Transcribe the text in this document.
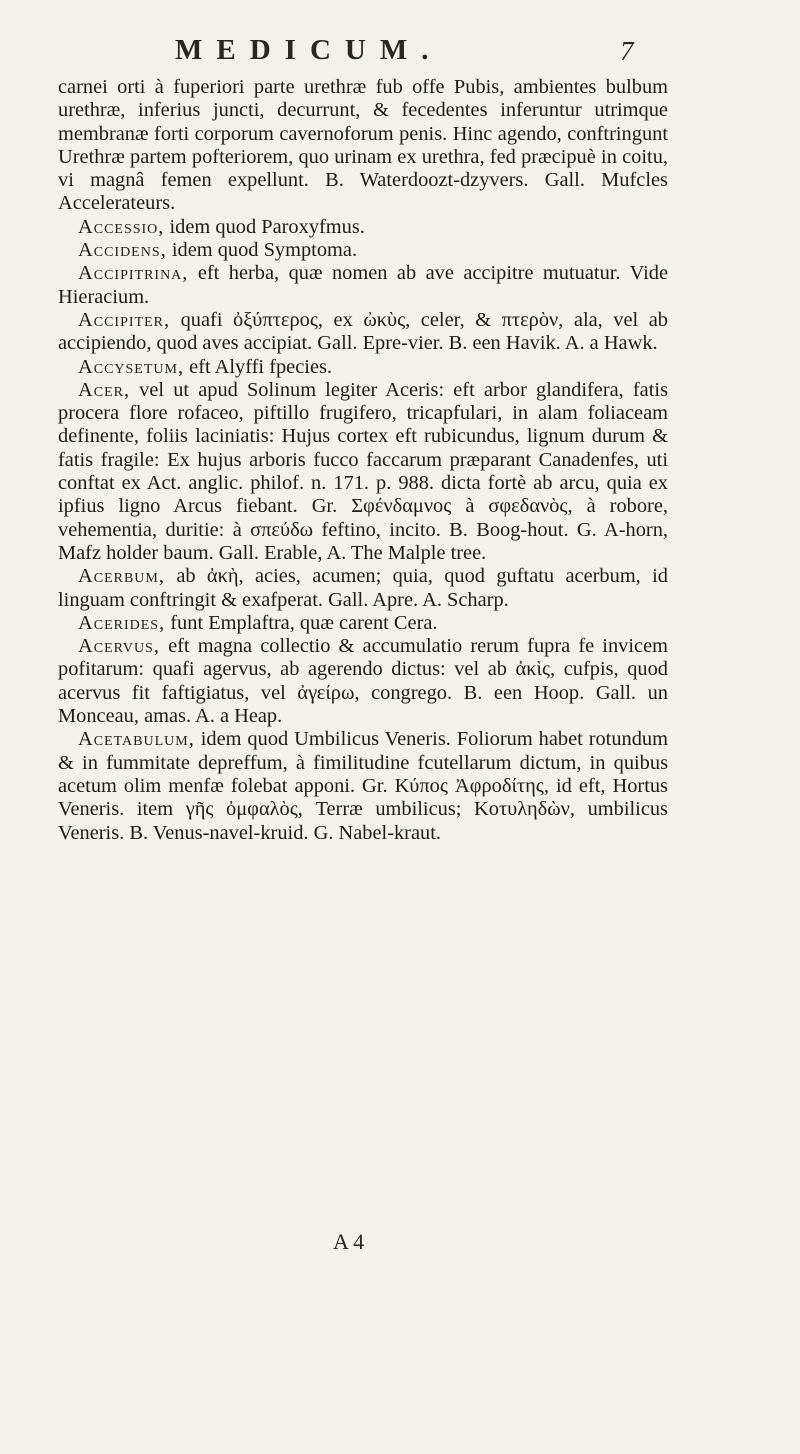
MEDICUM.	7

carnei orti à fuperiori parte urethræ fub offe Pubis, ambientes bulbum urethræ, inferius juncti, decurrunt, & fecedentes inferuntur utrimque membranæ forti corporum cavernoforum penis. Hinc agendo, conftringunt Urethræ partem pofteriorem, quo urinam ex urethra, fed præcipuè in coitu, vi magnâ femen expellunt. B. Waterdoozt-dzyvers. Gall. Mufcles Accelerateurs.

Accessio, idem quod Paroxyfmus.

Accidens, idem quod Symptoma.

Accipitrina, eft herba, quæ nomen ab ave accipitre mutuatur. Vide Hieracium.

Accipiter, quafi ὀξύπτερος, ex ὠκὺς, celer, & πτερὸν, ala, vel ab accipiendo, quod aves accipiat. Gall. Epre-vier. B. een Havik. A. a Hawk.

Accysetum, eft Alyffi fpecies.

Acer, vel ut apud Solinum legiter Aceris: eft arbor glandifera, fatis procera flore rofaceo, piftillo frugifero, tricapfulari, in alam foliaceam definente, foliis laciniatis: Hujus cortex eft rubicundus, lignum durum & fatis fragile: Ex hujus arboris fucco faccarum præparant Canadenfes, uti conftat ex Act. anglic. philof. n. 171. p. 988. dicta fortè ab arcu, quia ex ipfius ligno Arcus fiebant. Gr. Σφένδαμνος à σφεδανὸς, à robore, vehementia, duritie: à σπεύδω feftino, incito. B. Boog-hout. G. A-horn, Mafz holder baum. Gall. Erable, A. The Malple tree.

Acerbum, ab ἀκὴ, acies, acumen; quia, quod guftatu acerbum, id linguam conftringit & exafperat. Gall. Apre. A. Scharp.

Acerides, funt Emplaftra, quæ carent Cera.

Acervus, eft magna collectio & accumulatio rerum fupra fe invicem pofitarum: quafi agervus, ab agerendo dictus: vel ab ἀκὶς, cufpis, quod acervus fit faftigiatus, vel ἀγείρω, congrego. B. een Hoop. Gall. un Monceau, amas. A. a Heap.

Acetabulum, idem quod Umbilicus Veneris. Foliorum habet rotundum & in fummitate depreffum, à fimilitudine fcutellarum dictum, in quibus acetum olim menfæ folebat apponi. Gr. Κύπος Ἀφροδίτης, id eft, Hortus Veneris. item γῆς ὀμφαλὸς, Terræ umbilicus; Κοτυληδὼν, umbilicus Veneris. B. Venus-navel-kruid. G. Nabel-kraut.

A 4
